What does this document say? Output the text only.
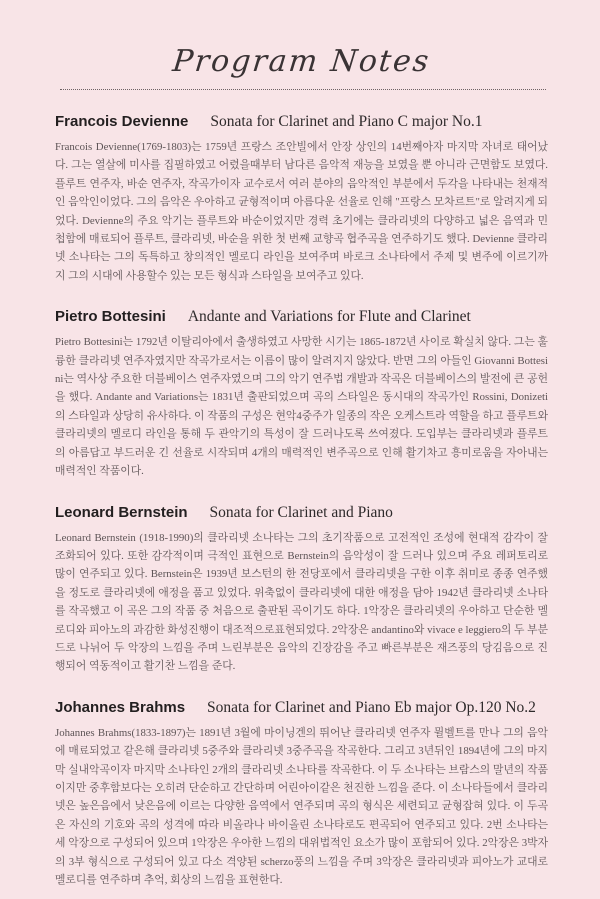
Program Notes
Francois Devienne Sonata for Clarinet and Piano C major No.1
Francois Devienne(1769-1803)는 1759년 프랑스 조안빌에서 안장 상인의 14번째아자 마지막 자녀로 태어났다. 그는 열살에 미사를 집필하였고 어렸을때부터 남다른 음악적 재능을 보였을 뿐 아니라 근면함도 보였다. 플루트 연주자, 바순 연주자, 작곡가이자 교수로서 여러 분야의 음악적인 부분에서 두각을 나타내는 천재적인 음악인이었다. 그의 음악은 우아하고 균형적이며 아름다운 선율로 인해 "프랑스 모차르트"로 알려지게 되었다. Devienne의 주요 악기는 플루트와 바순이었지만 경력 초기에는 클라리넷의 다양하고 넓은 음역과 민첩함에 매료되어 플루트, 클라리넷, 바순을 위한 첫 번째 교향곡 협주곡을 연주하기도 했다. Devienne 클라리넷 소나타는 그의 독특하고 창의적인 멜로디 라인을 보여주며 바로크 소나타에서 주제 및 변주에 이르기까지 그의 시대에 사용할수 있는 모든 형식과 스타일을 보여주고 있다.
Pietro Bottesini Andante and Variations for Flute and Clarinet
Pietro Bottesini는 1792년 이탈리아에서 출생하였고 사망한 시기는 1865-1872년 사이로 확실치 않다. 그는 훌륭한 클라리넷 연주자였지만 작곡가로서는 이름이 많이 알려지지 않았다. 반면 그의 아들인 Giovanni Bottesini는 역사상 주요한 더블베이스 연주자였으며 그의 악기 연주법 개발과 작곡은 더블베이스의 발전에 큰 공헌을 했다. Andante and Variations는 1831년 출판되었으며 곡의 스타일은 동시대의 작곡가인 Rossini, Donizeti의 스타일과 상당히 유사하다. 이 작품의 구성은 현악4중주가 일종의 작은 오케스트라 역할을 하고 플루트와 클라리넷의 멜로디 라인을 통해 두 관악기의 특성이 잘 드러나도록 쓰여졌다. 도입부는 클라리넷과 플루트의 아름답고 부드러운 긴 선율로 시작되며 4개의 매력적인 변주곡으로 인해 활기차고 흥미로움을 자아내는 매력적인 작품이다.
Leonard Bernstein Sonata for Clarinet and Piano
Leonard Bernstein (1918-1990)의 클라리넷 소나타는 그의 초기작품으로 고전적인 조성에 현대적 감각이 잘 조화되어 있다. 또한 감각적이며 극적인 표현으로 Bernstein의 음악성이 잘 드러나 있으며 주요 레퍼토리로 많이 연주되고 있다. Bernstein은 1939년 보스턴의 한 전당포에서 클라리넷을 구한 이후 취미로 종종 연주했을 정도로 클라리넷에 애정을 품고 있었다. 위축없이 클라리넷에 대한 애정을 담아 1942년 클라리넷 소나타를 작곡했고 이 곡은 그의 작품 중 처음으로 출판된 곡이기도 하다. 1악장은 클라리넷의 우아하고 단순한 멜로디와 피아노의 과감한 화성진행이 대조적으로표현되었다. 2악장은 andantino와 vivace e leggiero의 두 부분드로 나뉘어 두 악장의 느낌을 주며 느린부분은 음악의 긴장감을 주고 빠른부분은 재즈풍의 당김음으로 진행되어 역동적이고 활기찬 느낌을 준다.
Johannes Brahms Sonata for Clarinet and Piano Eb major Op.120 No.2
Johannes Brahms(1833-1897)는 1891년 3월에 마이닝겐의 뛰어난 클라리넷 연주자 뮐벨트를 만나 그의 음악에 매료되었고 같은해 클라리넷 5중주와 클라리넷 3중주곡을 작곡한다. 그리고 3년뒤인 1894년에 그의 마지막 실내악곡이자 마지막 소나타인 2개의 클라리넷 소나타를 작곡한다. 이 두 소나타는 브람스의 말년의 작품이지만 중후함보다는 오히려 단순하고 간단하며 어린아이같은 천진한 느낌을 준다. 이 소나타들에서 클라리넷은 높은음에서 낮은음에 이르는 다양한 음역에서 연주되며 곡의 형식은 세련되고 균형잡혀 있다. 이 두곡은 자신의 기호와 곡의 성격에 따라 비올라나 바이올린 소나타로도 편곡되어 연주되고 있다. 2번 소나타는 세 악장으로 구성되어 있으며 1악장은 우아한 느낌의 대위법적인 요소가 많이 포함되어 있다. 2악장은 3박자의 3부 형식으로 구성되어 있고 다소 격양된 scherzo풍의 느낌을 주며 3악장은 클라리넷과 피아노가 교대로 멜로디를 연주하며 추억, 회상의 느낌을 표현한다.
